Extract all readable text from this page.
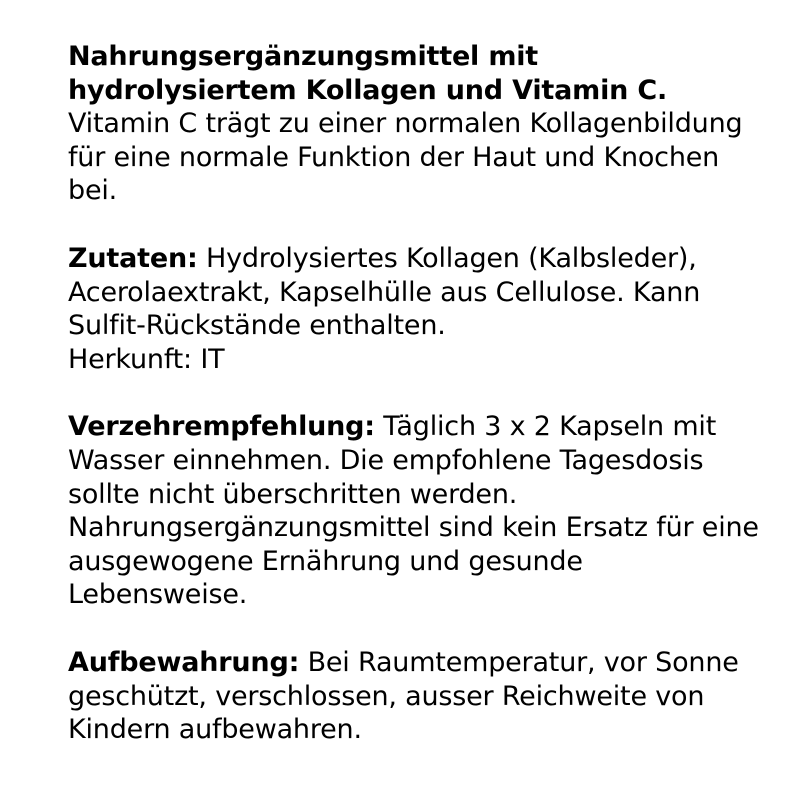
Nahrungsergänzungsmittel mit hydrolysiertem Kollagen und Vitamin C. Vitamin C trägt zu einer normalen Kollagenbildung für eine normale Funktion der Haut und Knochen bei.

Zutaten: Hydrolysiertes Kollagen (Kalbsleder), Acerolaextrakt, Kapselhülle aus Cellulose. Kann Sulfit-Rückstände enthalten.

Herkunft: IT

Verzehrempfehlung: Täglich 3 x 2 Kapseln mit Wasser einnehmen. Die empfohlene Tagesdosis sollte nicht überschritten werden. Nahrungsergänzungsmittel sind kein Ersatz für eine ausgewogene Ernährung und gesunde Lebensweise.

Aufbewahrung: Bei Raumtemperatur, vor Sonne geschützt, verschlossen, ausser Reichweite von Kindern aufbewahren.
